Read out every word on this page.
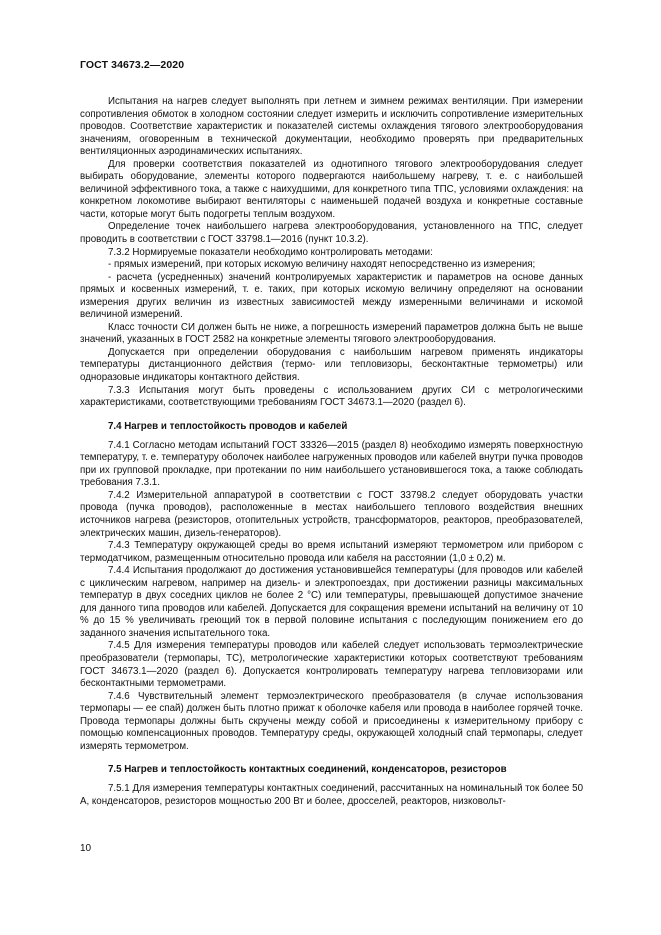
ГОСТ 34673.2—2020

Испытания на нагрев следует выполнять при летнем и зимнем режимах вентиляции. При измерении сопротивления обмоток в холодном состоянии следует измерить и исключить сопротивление измерительных проводов. Соответствие характеристик и показателей системы охлаждения тягового электрооборудования значениям, оговоренным в технической документации, необходимо проверять при предварительных вентиляционных аэродинамических испытаниях.

Для проверки соответствия показателей из однотипного тягового электрооборудования следует выбирать оборудование, элементы которого подвергаются наибольшему нагреву, т. е. с наибольшей величиной эффективного тока, а также с наихудшими, для конкретного типа ТПС, условиями охлаждения: на конкретном локомотиве выбирают вентиляторы с наименьшей подачей воздуха и конкретные составные части, которые могут быть подогреты теплым воздухом.

Определение точек наибольшего нагрева электрооборудования, установленного на ТПС, следует проводить в соответствии с ГОСТ 33798.1—2016 (пункт 10.3.2).

7.3.2 Нормируемые показатели необходимо контролировать методами:

- прямых измерений, при которых искомую величину находят непосредственно из измерения;

- расчета (усредненных) значений контролируемых характеристик и параметров на основе данных прямых и косвенных измерений, т. е. таких, при которых искомую величину определяют на основании измерения других величин из известных зависимостей между измеренными величинами и искомой величиной измерений.

Класс точности СИ должен быть не ниже, а погрешность измерений параметров должна быть не выше значений, указанных в ГОСТ 2582 на конкретные элементы тягового электрооборудования.

Допускается при определении оборудования с наибольшим нагревом применять индикаторы температуры дистанционного действия (термо- или тепловизоры, бесконтактные термометры) или одноразовые индикаторы контактного действия.

7.3.3 Испытания могут быть проведены с использованием других СИ с метрологическими характеристиками, соответствующими требованиям ГОСТ 34673.1—2020 (раздел 6).

7.4 Нагрев и теплостойкость проводов и кабелей

7.4.1 Согласно методам испытаний ГОСТ 33326—2015 (раздел 8) необходимо измерять поверхностную температуру, т. е. температуру оболочек наиболее нагруженных проводов или кабелей внутри пучка проводов при их групповой прокладке, при протекании по ним наибольшего установившегося тока, а также соблюдать требования 7.3.1.

7.4.2 Измерительной аппаратурой в соответствии с ГОСТ 33798.2 следует оборудовать участки провода (пучка проводов), расположенные в местах наибольшего теплового воздействия внешних источников нагрева (резисторов, отопительных устройств, трансформаторов, реакторов, преобразователей, электрических машин, дизель-генераторов).

7.4.3 Температуру окружающей среды во время испытаний измеряют термометром или прибором с термодатчиком, размещенным относительно провода или кабеля на расстоянии (1,0 ± 0,2) м.

7.4.4 Испытания продолжают до достижения установившейся температуры (для проводов или кабелей с циклическим нагревом, например на дизель- и электропоездах, при достижении разницы максимальных температур в двух соседних циклов не более 2 °С) или температуры, превышающей допустимое значение для данного типа проводов или кабелей. Допускается для сокращения времени испытаний на величину от 10 % до 15 % увеличивать греющий ток в первой половине испытания с последующим понижением его до заданного значения испытательного тока.

7.4.5 Для измерения температуры проводов или кабелей следует использовать термоэлектрические преобразователи (термопары, ТС), метрологические характеристики которых соответствуют требованиям ГОСТ 34673.1—2020 (раздел 6). Допускается контролировать температуру нагрева тепловизорами или бесконтактными термометрами.

7.4.6 Чувствительный элемент термоэлектрического преобразователя (в случае использования термопары — ее спай) должен быть плотно прижат к оболочке кабеля или провода в наиболее горячей точке. Провода термопары должны быть скручены между собой и присоединены к измерительному прибору с помощью компенсационных проводов. Температуру среды, окружающей холодный спай термопары, следует измерять термометром.

7.5 Нагрев и теплостойкость контактных соединений, конденсаторов, резисторов

7.5.1 Для измерения температуры контактных соединений, рассчитанных на номинальный ток более 50 А, конденсаторов, резисторов мощностью 200 Вт и более, дросселей, реакторов, низковольт-

10
